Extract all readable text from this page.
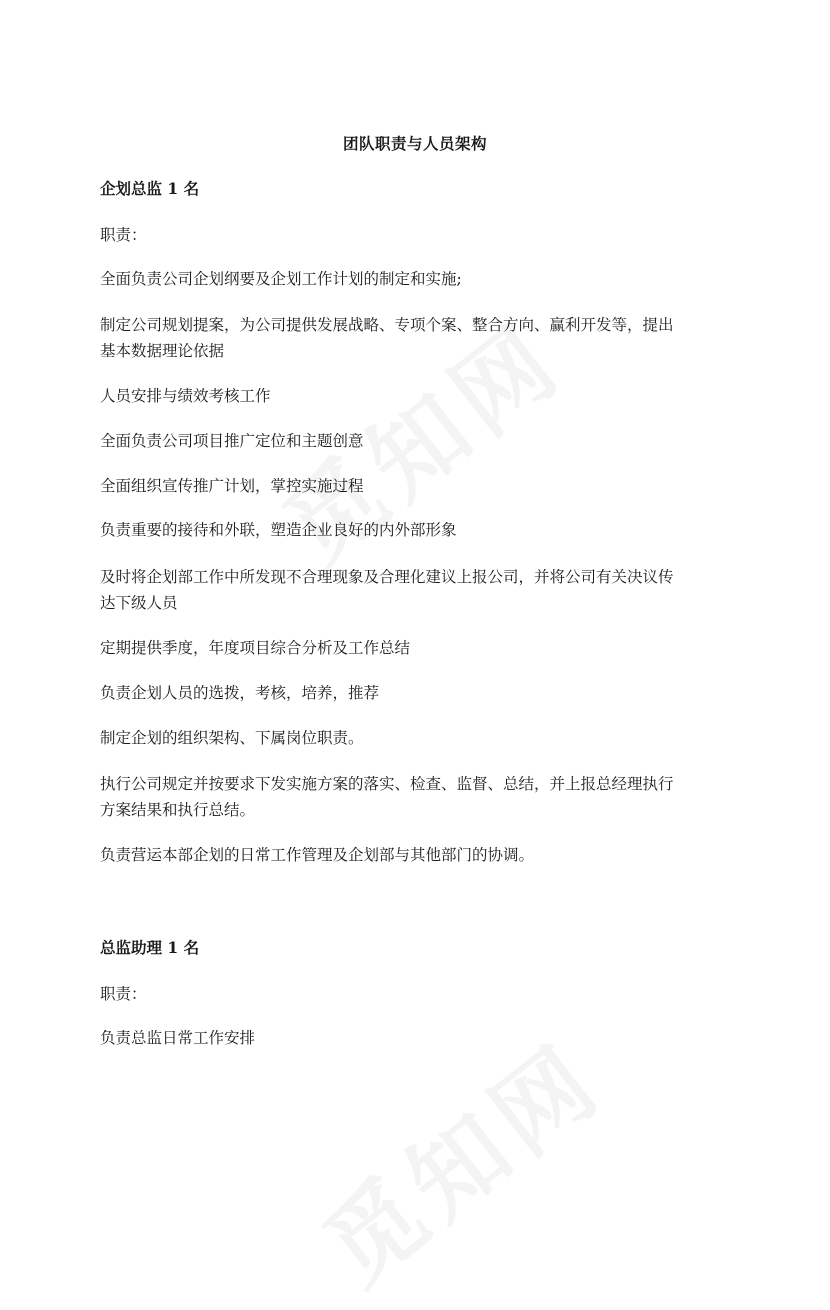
团队职责与人员架构
企划总监 1 名
职责：
全面负责公司企划纲要及企划工作计划的制定和实施;
制定公司规划提案，为公司提供发展战略、专项个案、整合方向、赢利开发等，提出
基本数据理论依据
人员安排与绩效考核工作
全面负责公司项目推广定位和主题创意
全面组织宣传推广计划，掌控实施过程
负责重要的接待和外联，塑造企业良好的内外部形象
及时将企划部工作中所发现不合理现象及合理化建议上报公司，并将公司有关决议传
达下级人员
定期提供季度，年度项目综合分析及工作总结
负责企划人员的选拨，考核，培养，推荐
制定企划的组织架构、下属岗位职责。
执行公司规定并按要求下发实施方案的落实、检查、监督、总结，并上报总经理执行
方案结果和执行总结。
负责营运本部企划的日常工作管理及企划部与其他部门的协调。
总监助理 1 名
职责：
负责总监日常工作安排
